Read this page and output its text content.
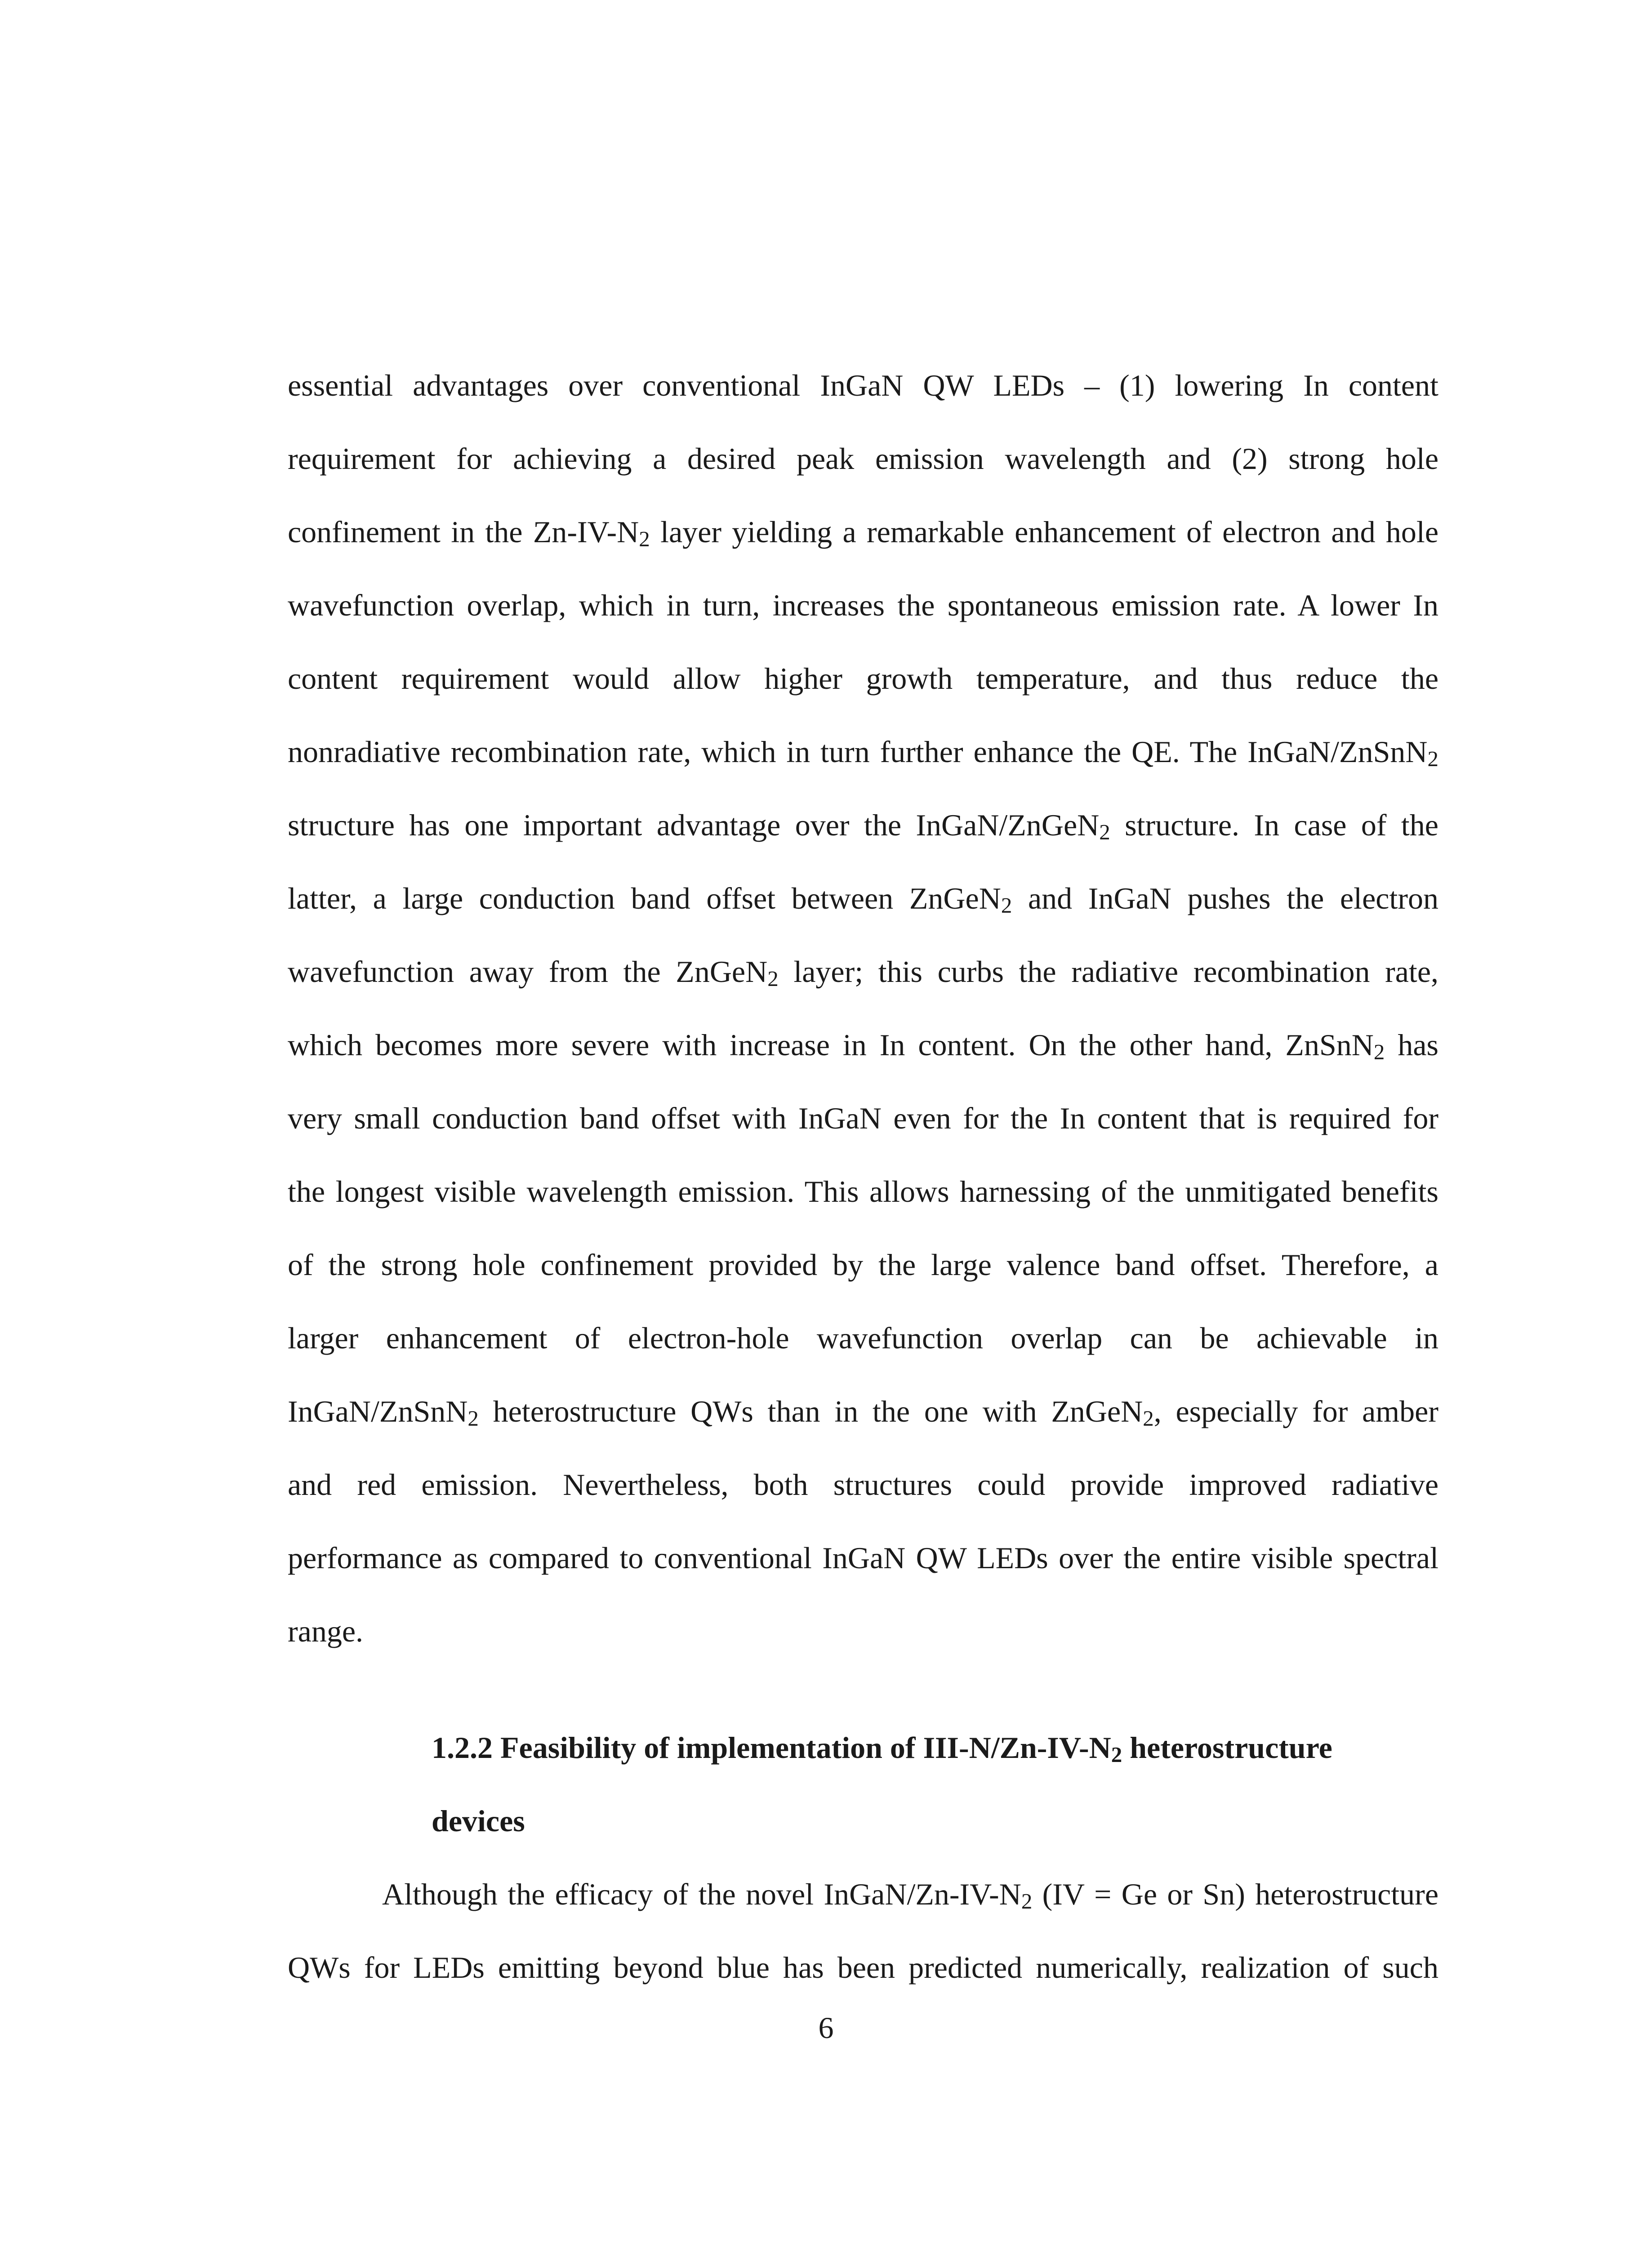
essential advantages over conventional InGaN QW LEDs – (1) lowering In content
requirement for achieving a desired peak emission wavelength and (2) strong hole
confinement in the $Zn-IV-N_2$ layer yielding a remarkable enhancement of electron and hole
wavefunction overlap, which in turn, increases the spontaneous emission rate. A lower In
content requirement would allow higher growth temperature, and thus reduce the
nonradiative recombination rate, which in turn further enhance the QE. The InGaN/ZnSnN$_2$
structure has one important advantage over the InGaN/ZnGeN$_2$ structure. In case of the
latter, a large conduction band offset between ZnGeN$_2$ and InGaN pushes the electron
wavefunction away from the ZnGeN$_2$ layer; this curbs the radiative recombination rate,
which becomes more severe with increase in In content. On the other hand, ZnSnN$_2$ has
very small conduction band offset with InGaN even for the In content that is required for
the longest visible wavelength emission. This allows harnessing of the unmitigated benefits
of the strong hole confinement provided by the large valence band offset. Therefore, a
larger enhancement of electron-hole wavefunction overlap can be achievable in
InGaN/ZnSnN$_2$ heterostructure QWs than in the one with ZnGeN$_2$, especially for amber
and red emission. Nevertheless, both structures could provide improved radiative
performance as compared to conventional InGaN QW LEDs over the entire visible spectral
range.
1.2.2 Feasibility of implementation of III-$N/Zn-IV-N_2$ heterostructure
devices
Although the efficacy of the novel InGaN/$Zn-IV-N_2$ (IV = Ge or Sn) heterostructure
QWs for LEDs emitting beyond blue has been predicted numerically, realization of such
6
